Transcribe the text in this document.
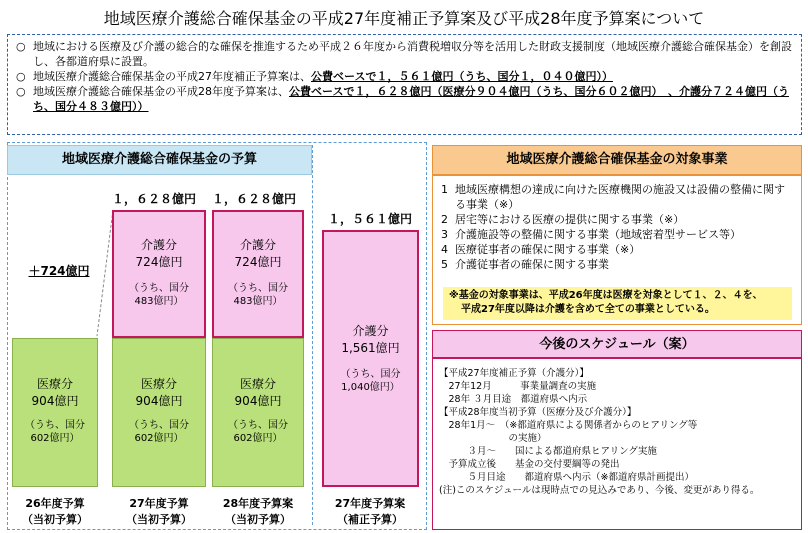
地域医療介護総合確保基金の平成27年度補正予算案及び平成28年度予算案について

○ 地域における医療及び介護の総合的な確保を推進するため平成２６年度から消費税増収分等を活用した財政支援制度（地域医療介護総合確保基金）を創設し、各都道府県に設置。

○ 地域医療介護総合確保基金の平成27年度補正予算案は、公費ベースで１，５６１億円（うち、国分１，０４０億円））

○ 地域医療介護総合確保基金の平成28年度予算案は、公費ベースで１，６２８億円（医療分９０４億円（うち、国分６０２億円）　、介護分７２４億円（うち、国分４８３億円））

地域医療介護総合確保基金の予算
＋724億円
医療分
904億円
（うち、国分
602億円）
26年度予算
（当初予算）
１，６２８億円
介護分
724億円
（うち、国分
483億円）
医療分
904億円
（うち、国分
602億円）
27年度予算
（当初予算）
１，６２８億円
介護分
724億円
（うち、国分
483億円）
医療分
904億円
（うち、国分
602億円）
28年度予算案
（当初予算）
１，５６１億円
介護分
1,561億円
（うち、国分
1,040億円）
27年度予算案
（補正予算）
地域医療介護総合確保基金の対象事業
1 地域医療構想の達成に向けた医療機関の施設又は設備の整備に関する事業（※）
2 居宅等における医療の提供に関する事業（※）
3 介護施設等の整備に関する事業（地域密着型サービス等）
4 医療従事者の確保に関する事業（※）
5 介護従事者の確保に関する事業
※基金の対象事業は、平成26年度は医療を対象として１、２、４を、
平成27年度以降は介護を含めて全ての事業としている。
今後のスケジュール（案）
【平成27年度補正予算（介護分）】
　27年12月　　　事業量調査の実施
　28年 ３月目途　都道府県へ内示
【平成28年度当初予算（医療分及び介護分）】
　28年1月～　（※都道府県による関係者からのヒアリング等
　　　　　　　 の実施）
　　　３月～　　国による都道府県ヒアリング実施
　予算成立後　　基金の交付要綱等の発出
　　　５月目途　　都道府県へ内示（※都道府県計画提出）
(注)このスケジュールは現時点での見込みであり、今後、変更があり得る。
